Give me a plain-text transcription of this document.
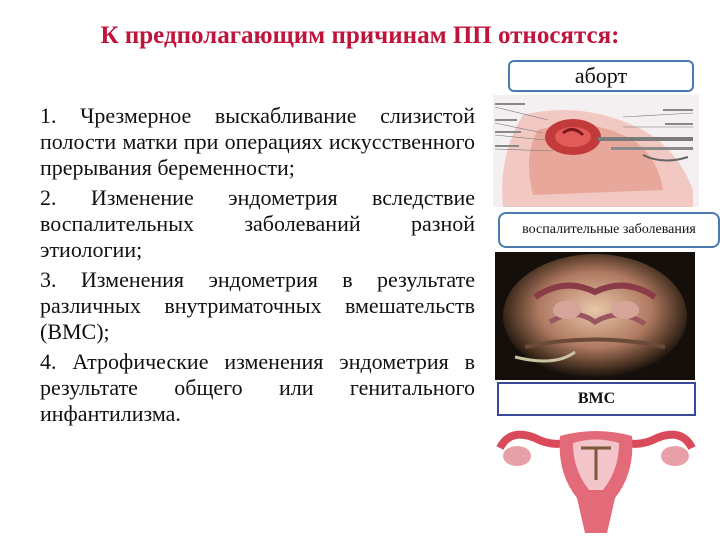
К предполагающим причинам ПП относятся:
1. Чрезмерное выскабливание слизистой полости матки при операциях искусственного прерывания беременности;
2. Изменение эндометрия вследствие воспалительных заболеваний разной этиологии;
3. Изменения эндометрия в результате различных внутриматочных вмешательств (ВМС);
4. Атрофические изменения эндометрия в результате общего или генитального инфантилизма.
аборт
воспалительные заболевания
ВМС
